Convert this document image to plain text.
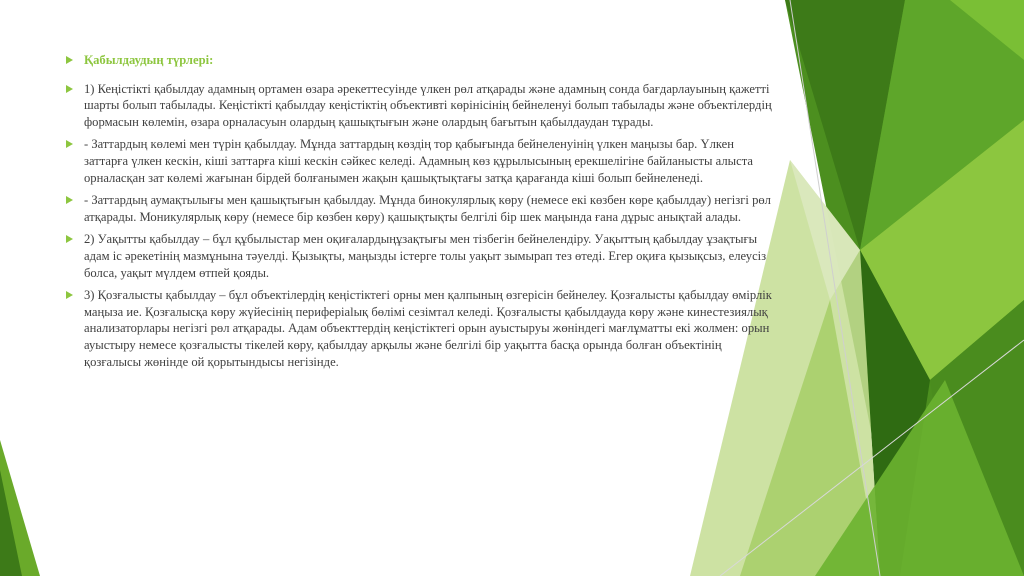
Қабылдаудың түрлері:
1) Кеңістікті қабылдау адамның ортамен өзара әрекеттесуінде үлкен рөл атқарады және адамның сонда бағдарлауының қажетті шарты болып табылады. Кеңістікті қабылдау кеңістіктің объективті көрінісінің бейнеленуі болып табылады және объектілердің формасын көлемін, өзара орналасуын олардың қашықтығын және олардың бағытын қабылдаудан тұрады.
- Заттардың көлемі мен түрін қабылдау. Мұнда заттардың көздің тор қабығында бейнеленуінің үлкен маңызы бар. Үлкен заттарға үлкен кескін, кіші заттарға кіші кескін сәйкес келеді. Адамның көз құрылысының ерекшелігіне байланысты алыста орналасқан зат көлемі жағынан бірдей болғанымен жақын қашықтықтағы затқа қарағанда кіші болып бейнеленеді.
- Заттардың аумақтылығы мен қашықтығын қабылдау. Мұнда бинокулярлық көру (немесе екі көзбен көре қабылдау) негізгі рөл атқарады. Моникулярлық көру (немесе бір көзбен көру) қашықтықты белгілі бір шек маңында ғана дұрыс анықтай алады.
2) Уақытты қабылдау – бұл құбылыстар мен оқиғалардыңұзақтығы мен тізбегін бейнелендіру. Уақыттың қабылдау ұзақтығы адам іс әрекетінің мазмұнына тәуелді. Қызықты, маңызды істерге толы уақыт зымырап тез өтеді. Егер оқиға қызықсыз, елеусіз болса, уақыт мүлдем өтпей қояды.
3) Қозғалысты қабылдау – бұл объектілердің кеңістіктегі орны мен қалпының өзгерісін бейнелеу. Қозғалысты қабылдау өмірлік маңыза ие. Қозғалысқа көру жүйесінің периферialық бөлімі сезімтал келеді. Қозғалысты қабылдауда көру және кинестезиялық анализаторлары негізгі рөл атқарады. Адам объекттердің кеңістіктегі орын ауыстыруы жөніндегі мағлұматты екі жолмен: орын ауыстыру немесе қозғалысты тікелей көру, қабылдау арқылы және белгілі бір уақытта басқа орында болған объектінің қозғалысы жөнінде ой қорытындысы негізінде.
